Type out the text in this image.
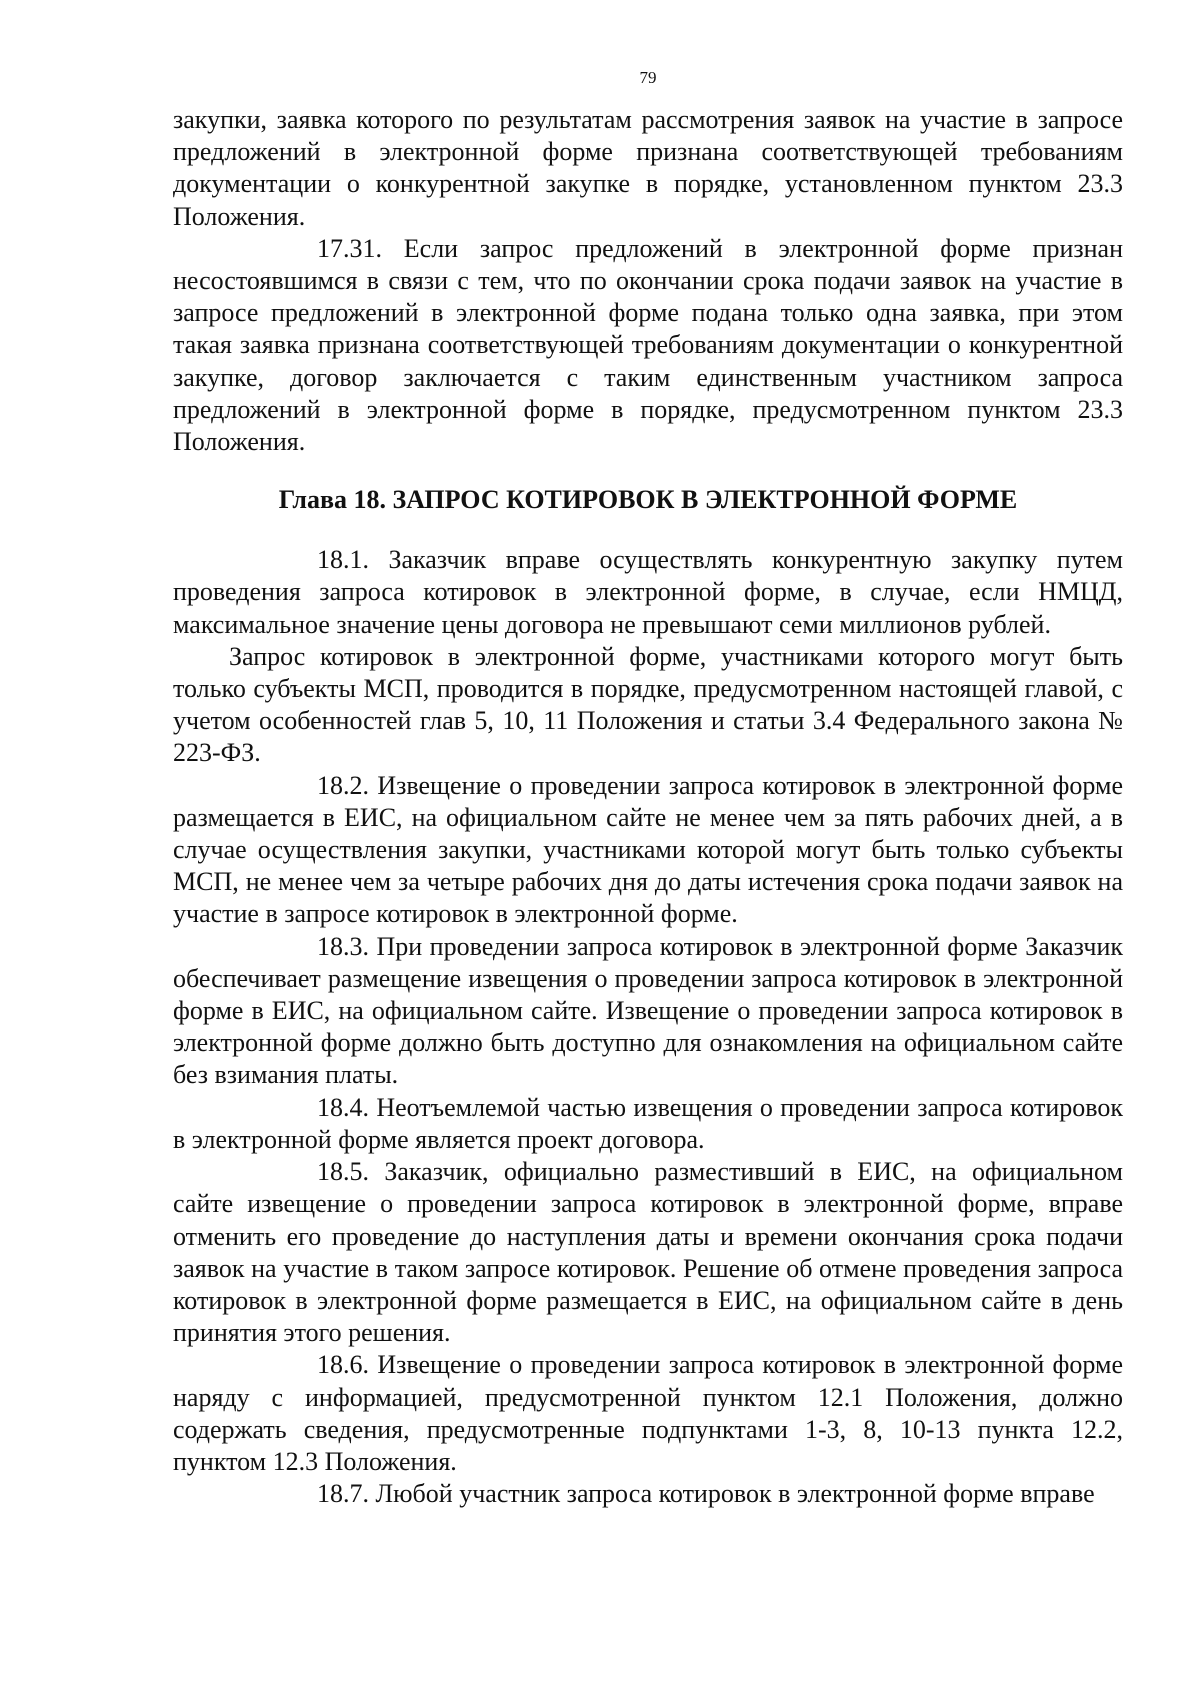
79

закупки, заявка которого по результатам рассмотрения заявок на участие в запросе предложений в электронной форме признана соответствующей требованиям документации о конкурентной закупке в порядке, установленном пунктом 23.3 Положения.

17.31. Если запрос предложений в электронной форме признан несостоявшимся в связи с тем, что по окончании срока подачи заявок на участие в запросе предложений в электронной форме подана только одна заявка, при этом такая заявка признана соответствующей требованиям документации о конкурентной закупке, договор заключается с таким единственным участником запроса предложений в электронной форме в порядке, предусмотренном пунктом 23.3 Положения.

Глава 18. ЗАПРОС КОТИРОВОК В ЭЛЕКТРОННОЙ ФОРМЕ

18.1. Заказчик вправе осуществлять конкурентную закупку путем проведения запроса котировок в электронной форме, в случае, если НМЦД, максимальное значение цены договора не превышают семи миллионов рублей.

Запрос котировок в электронной форме, участниками которого могут быть только субъекты МСП, проводится в порядке, предусмотренном настоящей главой, с учетом особенностей глав 5, 10, 11 Положения и статьи 3.4 Федерального закона № 223-ФЗ.

18.2. Извещение о проведении запроса котировок в электронной форме размещается в ЕИС, на официальном сайте не менее чем за пять рабочих дней, а в случае осуществления закупки, участниками которой могут быть только субъекты МСП, не менее чем за четыре рабочих дня до даты истечения срока подачи заявок на участие в запросе котировок в электронной форме.

18.3. При проведении запроса котировок в электронной форме Заказчик обеспечивает размещение извещения о проведении запроса котировок в электронной форме в ЕИС, на официальном сайте. Извещение о проведении запроса котировок в электронной форме должно быть доступно для ознакомления на официальном сайте без взимания платы.

18.4. Неотъемлемой частью извещения о проведении запроса котировок в электронной форме является проект договора.

18.5. Заказчик, официально разместивший в ЕИС, на официальном сайте извещение о проведении запроса котировок в электронной форме, вправе отменить его проведение до наступления даты и времени окончания срока подачи заявок на участие в таком запросе котировок. Решение об отмене проведения запроса котировок в электронной форме размещается в ЕИС, на официальном сайте в день принятия этого решения.

18.6. Извещение о проведении запроса котировок в электронной форме наряду с информацией, предусмотренной пунктом 12.1 Положения, должно содержать сведения, предусмотренные подпунктами 1-3, 8, 10-13 пункта 12.2, пунктом 12.3 Положения.

18.7. Любой участник запроса котировок в электронной форме вправе
